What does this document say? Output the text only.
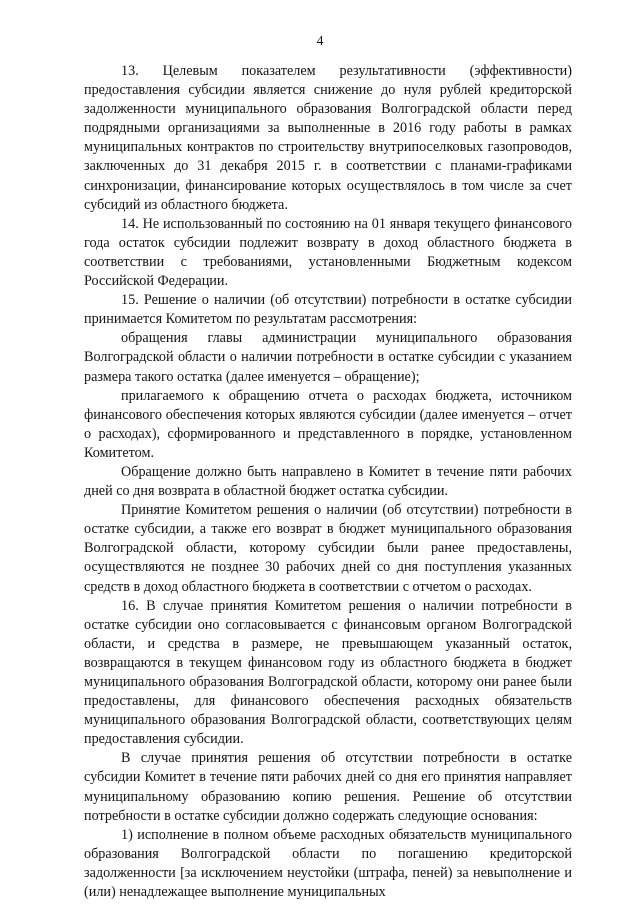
4

13. Целевым показателем результативности (эффективности) предоставления субсидии является снижение до нуля рублей кредиторской задолженности муниципального образования Волгоградской области перед подрядными организациями за выполненные в 2016 году работы в рамках муниципальных контрактов по строительству внутрипоселковых газопроводов, заключенных до 31 декабря 2015 г. в соответствии с планами-графиками синхронизации, финансирование которых осуществлялось в том числе за счет субсидий из областного бюджета.

14. Не использованный по состоянию на 01 января текущего финансового года остаток субсидии подлежит возврату в доход областного бюджета в соответствии с требованиями, установленными Бюджетным кодексом Российской Федерации.

15. Решение о наличии (об отсутствии) потребности в остатке субсидии принимается Комитетом по результатам рассмотрения:

обращения главы администрации муниципального образования Волгоградской области о наличии потребности в остатке субсидии с указанием размера такого остатка (далее именуется – обращение);

прилагаемого к обращению отчета о расходах бюджета, источником финансового обеспечения которых являются субсидии (далее именуется – отчет о расходах), сформированного и представленного в порядке, установленном Комитетом.

Обращение должно быть направлено в Комитет в течение пяти рабочих дней со дня возврата в областной бюджет остатка субсидии.

Принятие Комитетом решения о наличии (об отсутствии) потребности в остатке субсидии, а также его возврат в бюджет муниципального образования Волгоградской области, которому субсидии были ранее предоставлены, осуществляются не позднее 30 рабочих дней со дня поступления указанных средств в доход областного бюджета в соответствии с отчетом о расходах.

16. В случае принятия Комитетом решения о наличии потребности в остатке субсидии оно согласовывается с финансовым органом Волгоградской области, и средства в размере, не превышающем указанный остаток, возвращаются в текущем финансовом году из областного бюджета в бюджет муниципального образования Волгоградской области, которому они ранее были предоставлены, для финансового обеспечения расходных обязательств муниципального образования Волгоградской области, соответствующих целям предоставления субсидии.

В случае принятия решения об отсутствии потребности в остатке субсидии Комитет в течение пяти рабочих дней со дня его принятия направляет муниципальному образованию копию решения. Решение об отсутствии потребности в остатке субсидии должно содержать следующие основания:

1) исполнение в полном объеме расходных обязательств муниципального образования Волгоградской области по погашению кредиторской задолженности [за исключением неустойки (штрафа, пеней) за невыполнение и (или) ненадлежащее выполнение муниципальных
